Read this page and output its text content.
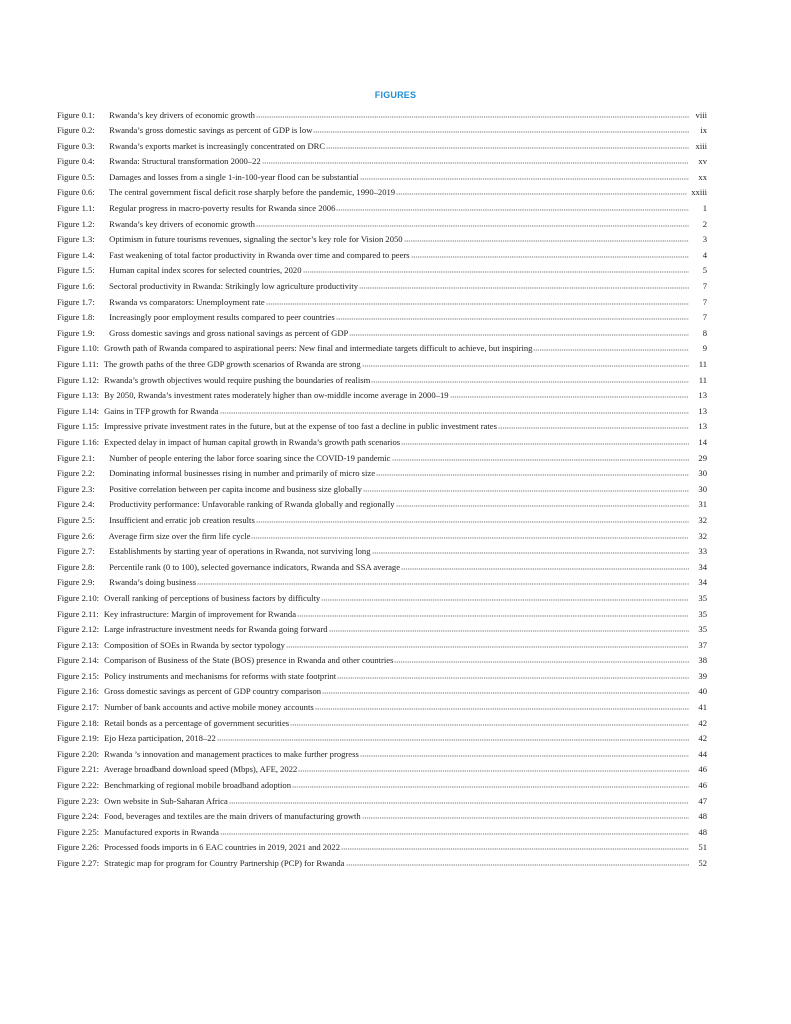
FIGURES
Figure 0.1: Rwanda’s key drivers of economic growth	viii
Figure 0.2: Rwanda’s gross domestic savings as percent of GDP is low	ix
Figure 0.3: Rwanda’s exports market is increasingly concentrated on DRC	xiii
Figure 0.4: Rwanda: Structural transformation 2000–22	xv
Figure 0.5: Damages and losses from a single 1-in-100-year flood can be substantial	xx
Figure 0.6: The central government fiscal deficit rose sharply before the pandemic, 1990–2019	xxiii
Figure 1.1: Regular progress in macro-poverty results for Rwanda since 2006	1
Figure 1.2: Rwanda’s key drivers of economic growth	2
Figure 1.3: Optimism in future tourisms revenues, signaling the sector’s key role for Vision 2050	3
Figure 1.4: Fast weakening of total factor productivity in Rwanda over time and compared to peers	4
Figure 1.5: Human capital index scores for selected countries, 2020	5
Figure 1.6: Sectoral productivity in Rwanda: Strikingly low agriculture productivity	7
Figure 1.7: Rwanda vs comparators: Unemployment rate	7
Figure 1.8: Increasingly poor employment results compared to peer countries	7
Figure 1.9: Gross domestic savings and gross national savings as percent of GDP	8
Figure 1.10: Growth path of Rwanda compared to aspirational peers: New final and intermediate targets difficult to achieve, but inspiring	9
Figure 1.11: The growth paths of the three GDP growth scenarios of Rwanda are strong	11
Figure 1.12: Rwanda’s growth objectives would require pushing the boundaries of realism	11
Figure 1.13: By 2050, Rwanda’s investment rates moderately higher than ow-middle income average in 2000–19	13
Figure 1.14: Gains in TFP growth for Rwanda	13
Figure 1.15: Impressive private investment rates in the future, but at the expense of too fast a decline in public investment rates	13
Figure 1.16: Expected delay in impact of human capital growth in Rwanda’s growth path scenarios	14
Figure 2.1: Number of people entering the labor force soaring since the COVID-19 pandemic	29
Figure 2.2: Dominating informal businesses rising in number and primarily of micro size	30
Figure 2.3: Positive correlation between per capita income and business size globally	30
Figure 2.4: Productivity performance: Unfavorable ranking of Rwanda globally and regionally	31
Figure 2.5: Insufficient and erratic job creation results	32
Figure 2.6: Average firm size over the firm life cycle	32
Figure 2.7: Establishments by starting year of operations in Rwanda, not surviving long	33
Figure 2.8: Percentile rank (0 to 100), selected governance indicators, Rwanda and SSA average	34
Figure 2.9: Rwanda’s doing business	34
Figure 2.10: Overall ranking of perceptions of business factors by difficulty	35
Figure 2.11: Key infrastructure: Margin of improvement for Rwanda	35
Figure 2.12: Large infrastructure investment needs for Rwanda going forward	35
Figure 2.13: Composition of SOEs in Rwanda by sector typology	37
Figure 2.14: Comparison of Business of the State (BOS) presence in Rwanda and other countries	38
Figure 2.15: Policy instruments and mechanisms for reforms with state footprint	39
Figure 2.16: Gross domestic savings as percent of GDP country comparison	40
Figure 2.17: Number of bank accounts and active mobile money accounts	41
Figure 2.18: Retail bonds as a percentage of government securities	42
Figure 2.19: Ejo Heza participation, 2018–22	42
Figure 2.20: Rwanda ’s innovation and management practices to make further progress	44
Figure 2.21: Average broadband download speed (Mbps), AFE, 2022	46
Figure 2.22: Benchmarking of regional mobile broadband adoption	46
Figure 2.23: Own website in Sub-Saharan Africa	47
Figure 2.24: Food, beverages and textiles are the main drivers of manufacturing growth	48
Figure 2.25: Manufactured exports in Rwanda	48
Figure 2.26: Processed foods imports in 6 EAC countries in 2019, 2021 and 2022	51
Figure 2.27: Strategic map for program for Country Partnership (PCP) for Rwanda	52
